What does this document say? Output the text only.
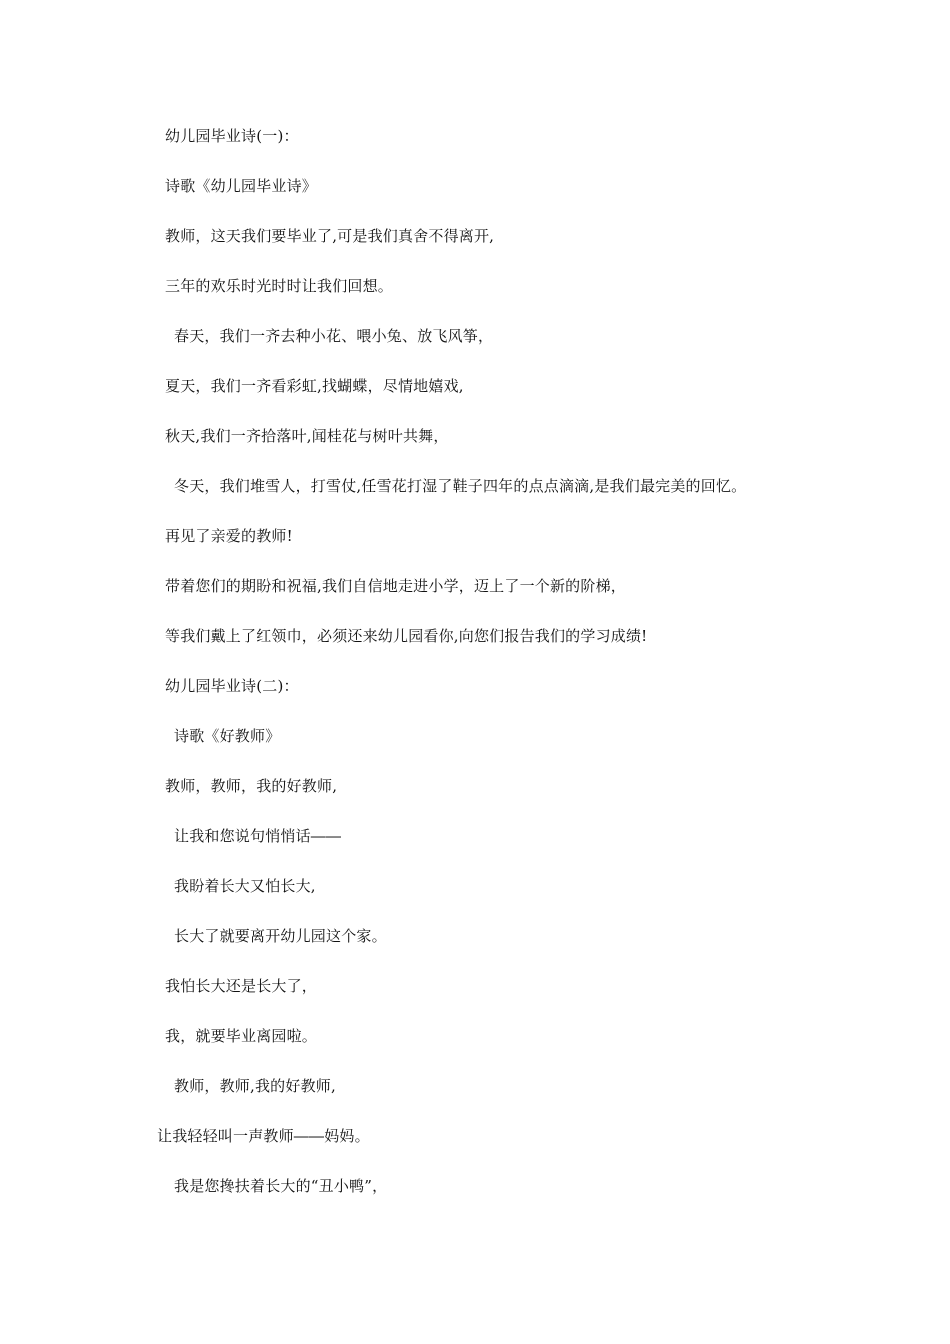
幼儿园毕业诗(一)：
诗歌《幼儿园毕业诗》
教师，这天我们要毕业了,可是我们真舍不得离开,
三年的欢乐时光时时让我们回想。
春天，我们一齐去种小花、喂小兔、放飞风筝，
夏天，我们一齐看彩虹,找蝴蝶，尽情地嬉戏,
秋天,我们一齐拾落叶,闻桂花与树叶共舞，
冬天，我们堆雪人，打雪仗,任雪花打湿了鞋子四年的点点滴滴,是我们最完美的回忆。
再见了亲爱的教师!
带着您们的期盼和祝福,我们自信地走进小学，迈上了一个新的阶梯，
等我们戴上了红领巾，必须还来幼儿园看你,向您们报告我们的学习成绩!
幼儿园毕业诗(二)：
诗歌《好教师》
教师，教师，我的好教师,
让我和您说句悄悄话――
我盼着长大又怕长大,
长大了就要离开幼儿园这个家。
我怕长大还是长大了，
我，就要毕业离园啦。
教师，教师,我的好教师,
让我轻轻叫一声教师――妈妈。
我是您搀扶着长大的“丑小鸭”，
